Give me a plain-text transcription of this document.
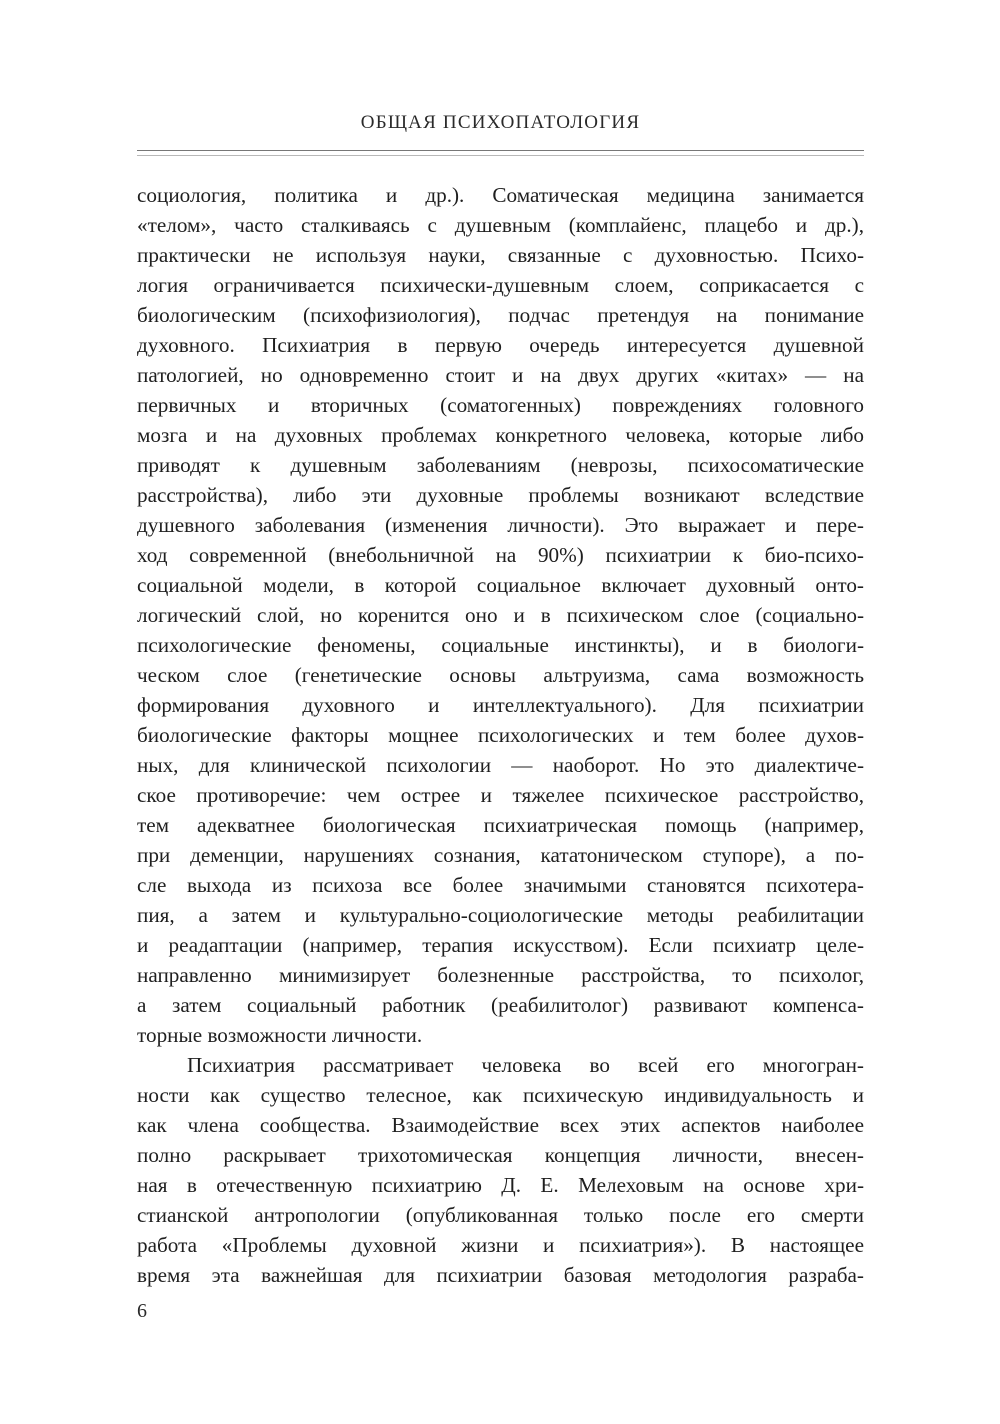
ОБЩАЯ ПСИХОПАТОЛОГИЯ
социология, политика и др.). Соматическая медицина занимается
«телом», часто сталкиваясь с душевным (комплайенс, плацебо и др.),
практически не используя науки, связанные с духовностью. Психо-
логия ограничивается психически-душевным слоем, соприкасается с
биологическим (психофизиология), подчас претендуя на понимание
духовного. Психиатрия в первую очередь интересуется душевной
патологией, но одновременно стоит и на двух других «китах» — на
первичных и вторичных (соматогенных) повреждениях головного
мозга и на духовных проблемах конкретного человека, которые либо
приводят к душевным заболеваниям (неврозы, психосоматические
расстройства), либо эти духовные проблемы возникают вследствие
душевного заболевания (изменения личности). Это выражает и пере-
ход современной (внебольничной на 90%) психиатрии к био-психо-
социальной модели, в которой социальное включает духовный онто-
логический слой, но коренится оно и в психическом слое (социально-
психологические феномены, социальные инстинкты), и в биологи-
ческом слое (генетические основы альтруизма, сама возможность
формирования духовного и интеллектуального). Для психиатрии
биологические факторы мощнее психологических и тем более духов-
ных, для клинической психологии — наоборот. Но это диалектиче-
ское противоречие: чем острее и тяжелее психическое расстройство,
тем адекватнее биологическая психиатрическая помощь (например,
при деменции, нарушениях сознания, кататоническом ступоре), а по-
сле выхода из психоза все более значимыми становятся психотера-
пия, а затем и культурально-социологические методы реабилитации
и реадаптации (например, терапия искусством). Если психиатр целе-
направленно минимизирует болезненные расстройства, то психолог,
а затем социальный работник (реабилитолог) развивают компенса-
торные возможности личности.
Психиатрия рассматривает человека во всей его многогран-
ности как существо телесное, как психическую индивидуальность и
как члена сообщества. Взаимодействие всех этих аспектов наиболее
полно раскрывает трихотомическая концепция личности, внесен-
ная в отечественную психиатрию Д. Е. Мелеховым на основе хри-
стианской антропологии (опубликованная только после его смерти
работа «Проблемы духовной жизни и психиатрия»). В настоящее
время эта важнейшая для психиатрии базовая методология разраба-
6
